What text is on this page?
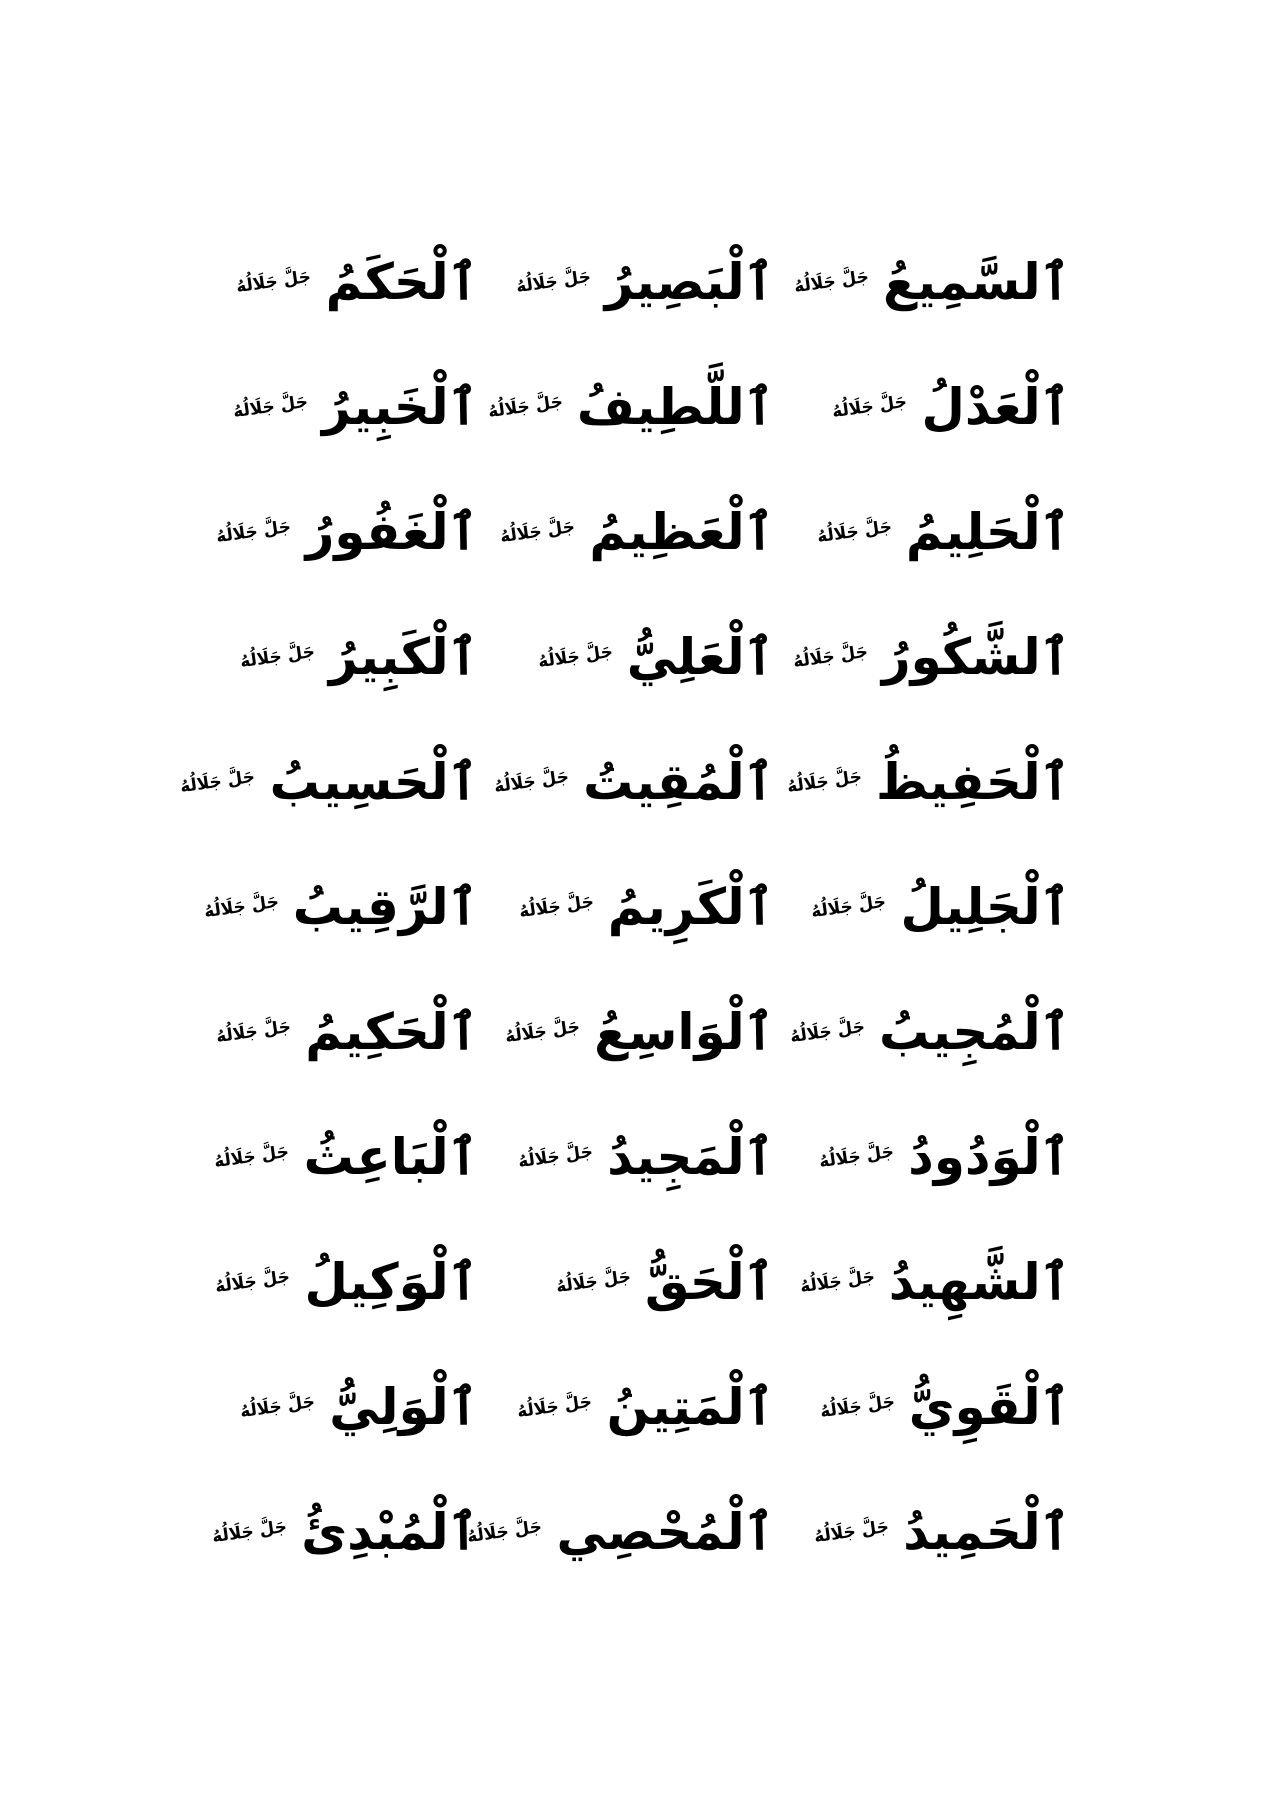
ٱلسَّمِيعُ
جَلَّ جَلَالُهُ
ٱلْبَصِيرُ
جَلَّ جَلَالُهُ
ٱلْحَكَمُ
جَلَّ جَلَالُهُ
ٱلْعَدْلُ
جَلَّ جَلَالُهُ
ٱللَّطِيفُ
جَلَّ جَلَالُهُ
ٱلْخَبِيرُ
جَلَّ جَلَالُهُ
ٱلْحَلِيمُ
جَلَّ جَلَالُهُ
ٱلْعَظِيمُ
جَلَّ جَلَالُهُ
ٱلْغَفُورُ
جَلَّ جَلَالُهُ
ٱلشَّكُورُ
جَلَّ جَلَالُهُ
ٱلْعَلِيُّ
جَلَّ جَلَالُهُ
ٱلْكَبِيرُ
جَلَّ جَلَالُهُ
ٱلْحَفِيظُ
جَلَّ جَلَالُهُ
ٱلْمُقِيتُ
جَلَّ جَلَالُهُ
ٱلْحَسِيبُ
جَلَّ جَلَالُهُ
ٱلْجَلِيلُ
جَلَّ جَلَالُهُ
ٱلْكَرِيمُ
جَلَّ جَلَالُهُ
ٱلرَّقِيبُ
جَلَّ جَلَالُهُ
ٱلْمُجِيبُ
جَلَّ جَلَالُهُ
ٱلْوَاسِعُ
جَلَّ جَلَالُهُ
ٱلْحَكِيمُ
جَلَّ جَلَالُهُ
ٱلْوَدُودُ
جَلَّ جَلَالُهُ
ٱلْمَجِيدُ
جَلَّ جَلَالُهُ
ٱلْبَاعِثُ
جَلَّ جَلَالُهُ
ٱلشَّهِيدُ
جَلَّ جَلَالُهُ
ٱلْحَقُّ
جَلَّ جَلَالُهُ
ٱلْوَكِيلُ
جَلَّ جَلَالُهُ
ٱلْقَوِيُّ
جَلَّ جَلَالُهُ
ٱلْمَتِينُ
جَلَّ جَلَالُهُ
ٱلْوَلِيُّ
جَلَّ جَلَالُهُ
ٱلْحَمِيدُ
جَلَّ جَلَالُهُ
ٱلْمُحْصِي
جَلَّ جَلَالُهُ
ٱلْمُبْدِئُ
جَلَّ جَلَالُهُ
